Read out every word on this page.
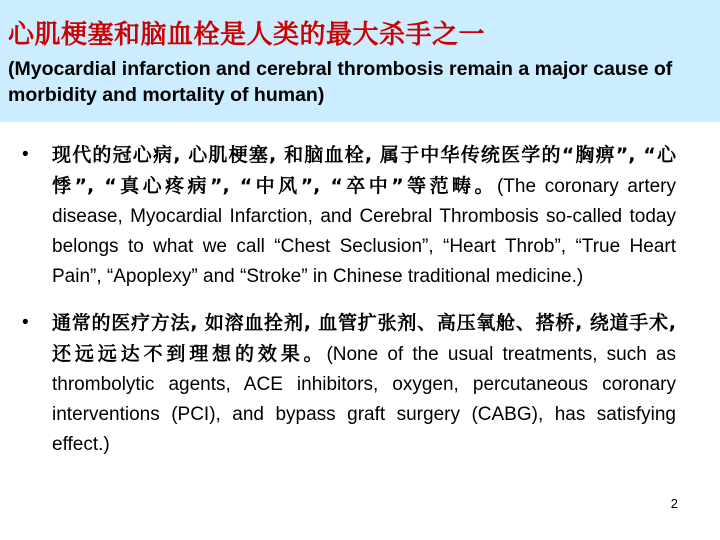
心肌梗塞和脑血栓是人类的最大杀手之一
(Myocardial infarction and cerebral thrombosis remain a major cause of morbidity and mortality of human)
•	现代的冠心病, 心肌梗塞, 和脑血栓, 属于中华传统医学的“胸痹”, “心悸”, “真心疼病”, “中风”, “卒中”等范畴。(The coronary artery disease, Myocardial Infarction, and Cerebral Thrombosis so-called today belongs to what we call “Chest Seclusion”, “Heart Throb”, “True Heart Pain”, “Apoplexy” and “Stroke” in Chinese traditional medicine.)
•	通常的医疗方法, 如溶血拴剂, 血管扩张剂、高压氧舱、搭桥, 绕道手术, 还远远达不到理想的效果。(None of the usual treatments, such as thrombolytic agents, ACE inhibitors, oxygen, percutaneous coronary interventions (PCI), and bypass graft surgery (CABG), has satisfying effect.)
2
